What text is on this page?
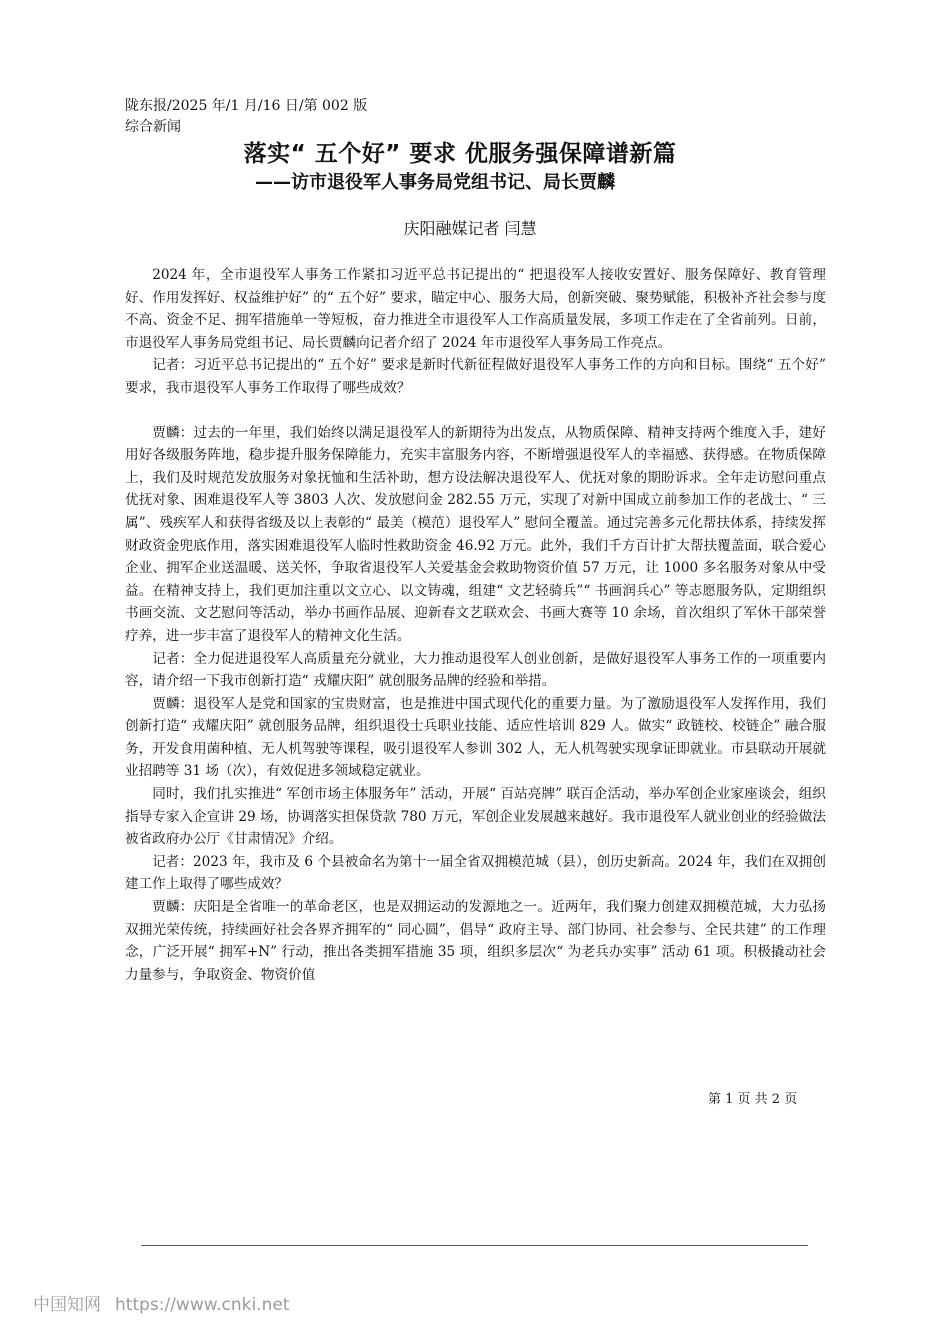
陇东报/2025 年/1 月/16 日/第 002 版综合新闻
落实“ 五个好” 要求 优服务强保障谱新篇
——访市退役军人事务局党组书记、局长贾麟
庆阳融媒记者 闫慧

2024 年，全市退役军人事务工作紧扣习近平总书记提出的“ 把退役军人接收安置好、服务保障好、教育管理好、作用发挥好、权益维护好” 的“ 五个好” 要求，瞄定中心、服务大局，创新突破、聚势赋能，积极补齐社会参与度不高、资金不足、拥军措施单一等短板，奋力推进全市退役军人工作高质量发展，多项工作走在了全省前列。日前，市退役军人事务局党组书记、局长贾麟向记者介绍了 2024 年市退役军人事务局工作亮点。

记者：习近平总书记提出的“ 五个好” 要求是新时代新征程做好退役军人事务工作的方向和目标。围绕“ 五个好” 要求，我市退役军人事务工作取得了哪些成效？

贾麟：过去的一年里，我们始终以满足退役军人的新期待为出发点，从物质保障、精神支持两个维度入手，建好用好各级服务阵地，稳步提升服务保障能力，充实丰富服务内容，不断增强退役军人的幸福感、获得感。在物质保障上，我们及时规范发放服务对象抚恤和生活补助，想方设法解决退役军人、优抚对象的期盼诉求。全年走访慰问重点优抚对象、困难退役军人等 3803 人次、发放慰问金 282.55 万元，实现了对新中国成立前参加工作的老战士、“ 三属”、残疾军人和获得省级及以上表彰的“ 最美（模范）退役军人” 慰问全覆盖。通过完善多元化帮扶体系，持续发挥财政资金兜底作用，落实困难退役军人临时性救助资金 46.92 万元。此外，我们千方百计扩大帮扶覆盖面，联合爱心企业、拥军企业送温暖、送关怀，争取省退役军人关爱基金会救助物资价值 57 万元，让 1000 多名服务对象从中受益。在精神支持上，我们更加注重以文立心、以文铸魂，组建“ 文艺轻骑兵”“ 书画润兵心” 等志愿服务队，定期组织书画交流、文艺慰问等活动，举办书画作品展、迎新春文艺联欢会、书画大赛等 10 余场，首次组织了军休干部荣誉疗养，进一步丰富了退役军人的精神文化生活。

记者：全力促进退役军人高质量充分就业，大力推动退役军人创业创新，是做好退役军人事务工作的一项重要内容，请介绍一下我市创新打造“ 戎耀庆阳” 就创服务品牌的经验和举措。

贾麟：退役军人是党和国家的宝贵财富，也是推进中国式现代化的重要力量。为了激励退役军人发挥作用，我们创新打造“ 戎耀庆阳” 就创服务品牌，组织退役士兵职业技能、适应性培训 829 人。做实“ 政链校、校链企” 融合服务，开发食用菌种植、无人机驾驶等课程，吸引退役军人参训 302 人，无人机驾驶实现拿证即就业。市县联动开展就业招聘等 31 场（次），有效促进多领域稳定就业。

同时，我们扎实推进“ 军创市场主体服务年” 活动，开展“ 百站亮牌” 联百企活动，举办军创企业家座谈会，组织指导专家入企宣讲 29 场，协调落实担保贷款 780 万元，军创企业发展越来越好。我市退役军人就业创业的经验做法被省政府办公厅《甘肃情况》介绍。

记者：2023 年，我市及 6 个县被命名为第十一届全省双拥模范城（县），创历史新高。2024 年，我们在双拥创建工作上取得了哪些成效？

贾麟：庆阳是全省唯一的革命老区，也是双拥运动的发源地之一。近两年，我们聚力创建双拥模范城，大力弘扬双拥光荣传统，持续画好社会各界齐拥军的“ 同心圆”，倡导“ 政府主导、部门协同、社会参与、全民共建” 的工作理念，广泛开展“ 拥军+N” 行动，推出各类拥军措施 35 项，组织多层次“ 为老兵办实事” 活动 61 项。积极撬动社会力量参与，争取资金、物资价值

第 1 页 共 2 页
中国知网 https://www.cnki.net
